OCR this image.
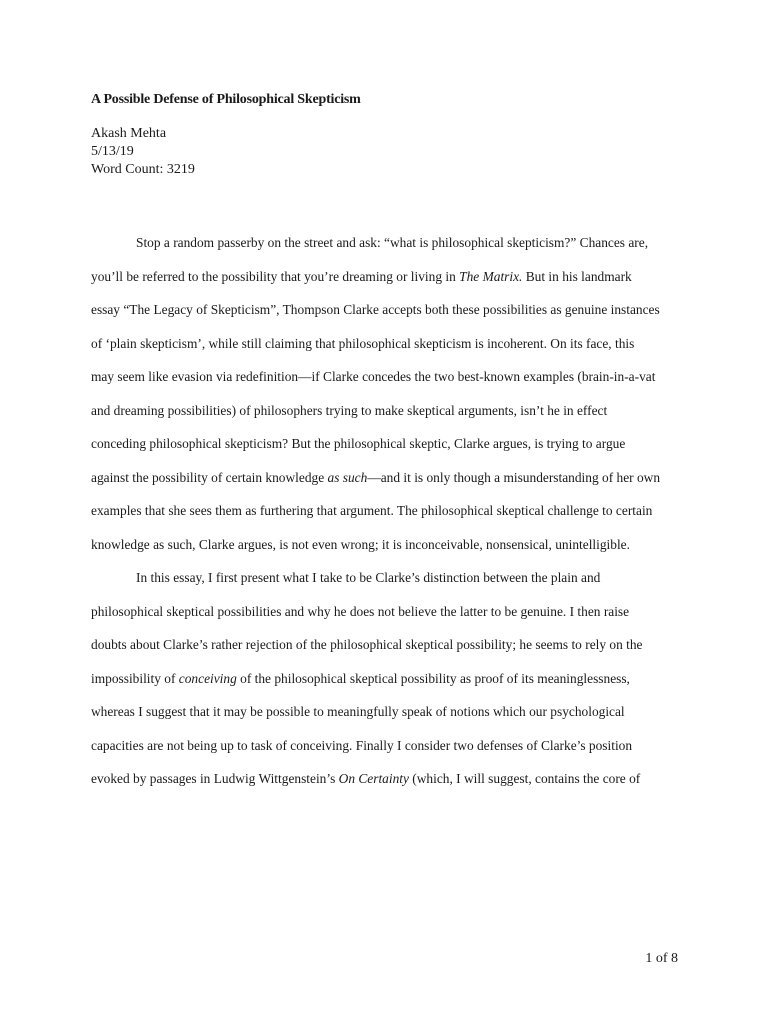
A Possible Defense of Philosophical Skepticism
Akash Mehta
5/13/19
Word Count: 3219
Stop a random passerby on the street and ask: “what is philosophical skepticism?” Chances are,
you’ll be referred to the possibility that you’re dreaming or living in The Matrix. But in his landmark
essay “The Legacy of Skepticism”, Thompson Clarke accepts both these possibilities as genuine instances
of ‘plain skepticism’, while still claiming that philosophical skepticism is incoherent. On its face, this
may seem like evasion via redefinition—if Clarke concedes the two best-known examples (brain-in-a-vat
and dreaming possibilities) of philosophers trying to make skeptical arguments, isn’t he in effect
conceding philosophical skepticism? But the philosophical skeptic, Clarke argues, is trying to argue
against the possibility of certain knowledge as such—and it is only though a misunderstanding of her own
examples that she sees them as furthering that argument. The philosophical skeptical challenge to certain
knowledge as such, Clarke argues, is not even wrong; it is inconceivable, nonsensical, unintelligible.
In this essay, I first present what I take to be Clarke’s distinction between the plain and
philosophical skeptical possibilities and why he does not believe the latter to be genuine. I then raise
doubts about Clarke’s rather rejection of the philosophical skeptical possibility; he seems to rely on the
impossibility of conceiving of the philosophical skeptical possibility as proof of its meaninglessness,
whereas I suggest that it may be possible to meaningfully speak of notions which our psychological
capacities are not being up to task of conceiving. Finally I consider two defenses of Clarke’s position
evoked by passages in Ludwig Wittgenstein’s On Certainty (which, I will suggest, contains the core of
1 of 8
